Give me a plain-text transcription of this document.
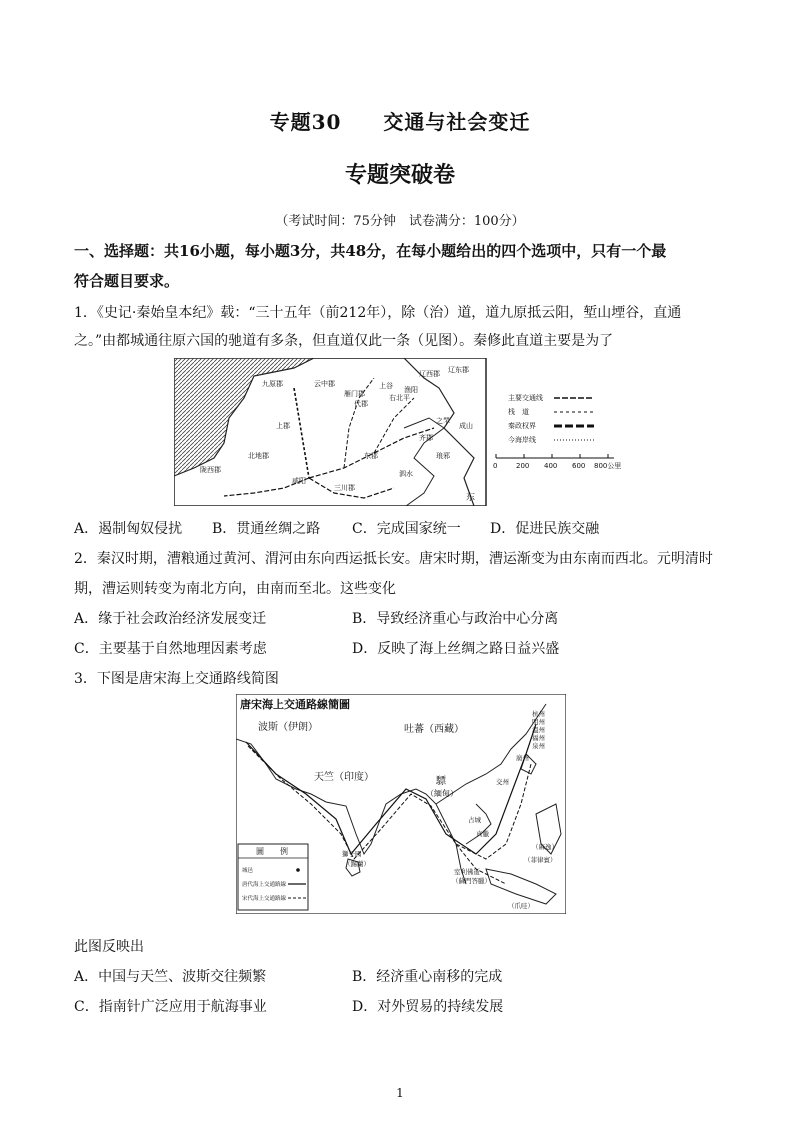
专题30　　交通与社会变迁
专题突破卷
（考试时间：75分钟　试卷满分：100分）
一、选择题：共16小题，每小题3分，共48分，在每小题给出的四个选项中，只有一个最
符合题目要求。
1．《史记·秦始皇本纪》载：“三十五年（前212年），除（治）道，道九原抵云阳，堑山堙谷，直通
之。”由都城通往原六国的驰道有多条，但直道仅此一条（见图）。秦修此直道主要是为了
九原郡	云中郡
雁门郡
代郡
上谷 渔阳
右北平
辽西郡 辽东郡
上郡
北地郡
陇西郡
咸阳
三川郡
东郡
齐郡
之罘
成山
琅邪
泗水
东
主要交通线
栈　道
秦政权界
今海岸线
0	200 400 600 800公里
A．遏制匈奴侵扰 B．贯通丝绸之路 C．完成国家统一 D．促进民族交融
2．秦汉时期，漕粮通过黄河、渭河由东向西运抵长安。唐宋时期，漕运渐变为由东南而西北。元明清时
期，漕运则转变为南北方向，由南而至北。这些变化
A．缘于社会政治经济发展变迁	B．导致经济重心与政治中心分离
C．主要基于自然地理因素考虑	D．反映了海上丝绸之路日益兴盛
3．下图是唐宋海上交通路线简图
唐宋海上交通路線簡圖
波斯（伊朗）	吐蕃（西藏）
天竺（印度）	驃
（緬甸）
獅子國
（錫蘭）
室利佛逝
（蘇門答臘）
占城
真臘
交州
廣州
泉州
福州
溫州
明州
杭州
（菲律賓）
（爪哇）
（麻逸）
圖　　例
城邑
唐代海上交通路線
宋代海上交通路線
此图反映出
A．中国与天竺、波斯交往频繁	B．经济重心南移的完成
C．指南针广泛应用于航海事业	D．对外贸易的持续发展
1
